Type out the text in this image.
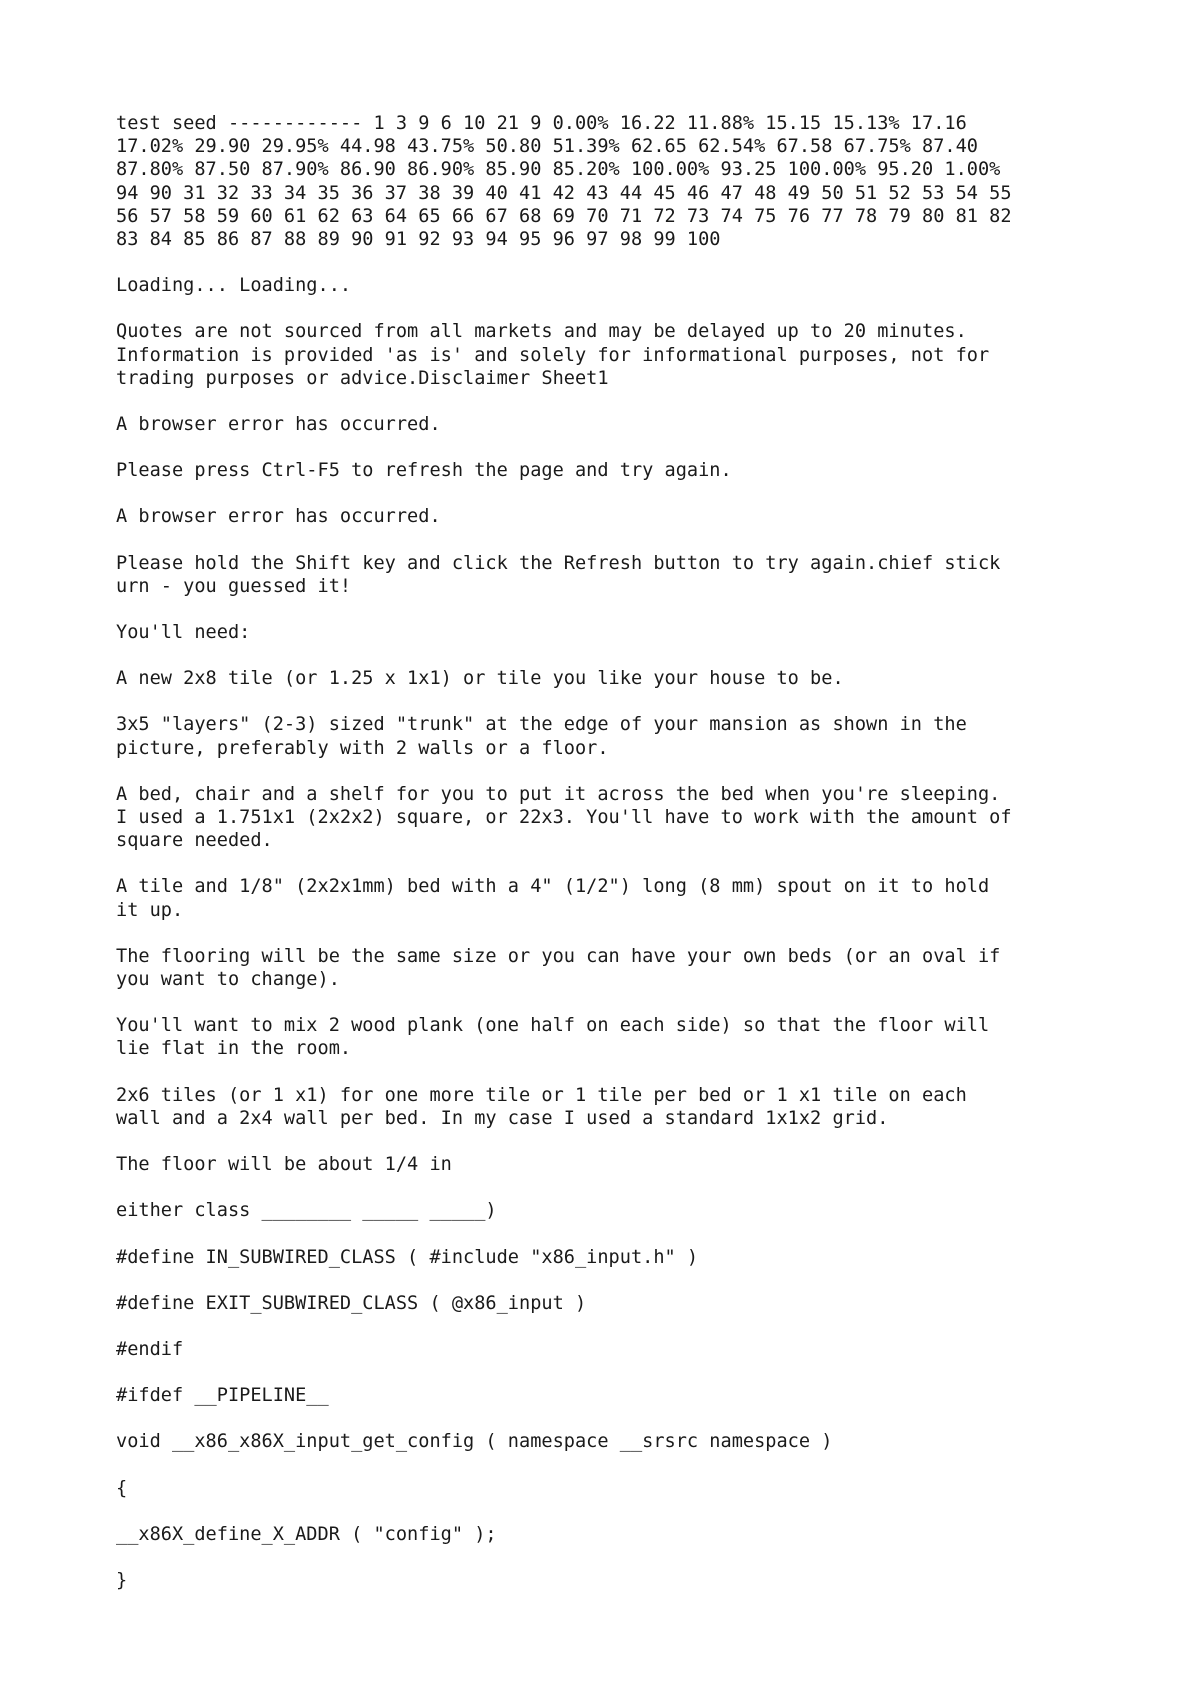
test seed ------------ 1 3 9 6 10 21 9 0.00% 16.22 11.88% 15.15 15.13% 17.16
17.02% 29.90 29.95% 44.98 43.75% 50.80 51.39% 62.65 62.54% 67.58 67.75% 87.40
87.80% 87.50 87.90% 86.90 86.90% 85.90 85.20% 100.00% 93.25 100.00% 95.20 1.00%
94 90 31 32 33 34 35 36 37 38 39 40 41 42 43 44 45 46 47 48 49 50 51 52 53 54 55
56 57 58 59 60 61 62 63 64 65 66 67 68 69 70 71 72 73 74 75 76 77 78 79 80 81 82
83 84 85 86 87 88 89 90 91 92 93 94 95 96 97 98 99 100

Loading... Loading...

Quotes are not sourced from all markets and may be delayed up to 20 minutes.
Information is provided 'as is' and solely for informational purposes, not for
trading purposes or advice.Disclaimer Sheet1

A browser error has occurred.

Please press Ctrl-F5 to refresh the page and try again.

A browser error has occurred.

Please hold the Shift key and click the Refresh button to try again.chief stick
urn - you guessed it!

You'll need:

A new 2x8 tile (or 1.25 x 1x1) or tile you like your house to be.

3x5 "layers" (2-3) sized "trunk" at the edge of your mansion as shown in the
picture, preferably with 2 walls or a floor.

A bed, chair and a shelf for you to put it across the bed when you're sleeping.
I used a 1.751x1 (2x2x2) square, or 22x3. You'll have to work with the amount of
square needed.

A tile and 1/8" (2x2x1mm) bed with a 4" (1/2") long (8 mm) spout on it to hold
it up.

The flooring will be the same size or you can have your own beds (or an oval if
you want to change).

You'll want to mix 2 wood plank (one half on each side) so that the floor will
lie flat in the room.

2x6 tiles (or 1 x1) for one more tile or 1 tile per bed or 1 x1 tile on each
wall and a 2x4 wall per bed. In my case I used a standard 1x1x2 grid.

The floor will be about 1/4 in

either class ________ _____ _____)

#define IN_SUBWIRED_CLASS ( #include "x86_input.h" )

#define EXIT_SUBWIRED_CLASS ( @x86_input )

#endif

#ifdef __PIPELINE__

void __x86_x86X_input_get_config ( namespace __srsrc namespace )

{

__x86X_define_X_ADDR ( "config" );

}
